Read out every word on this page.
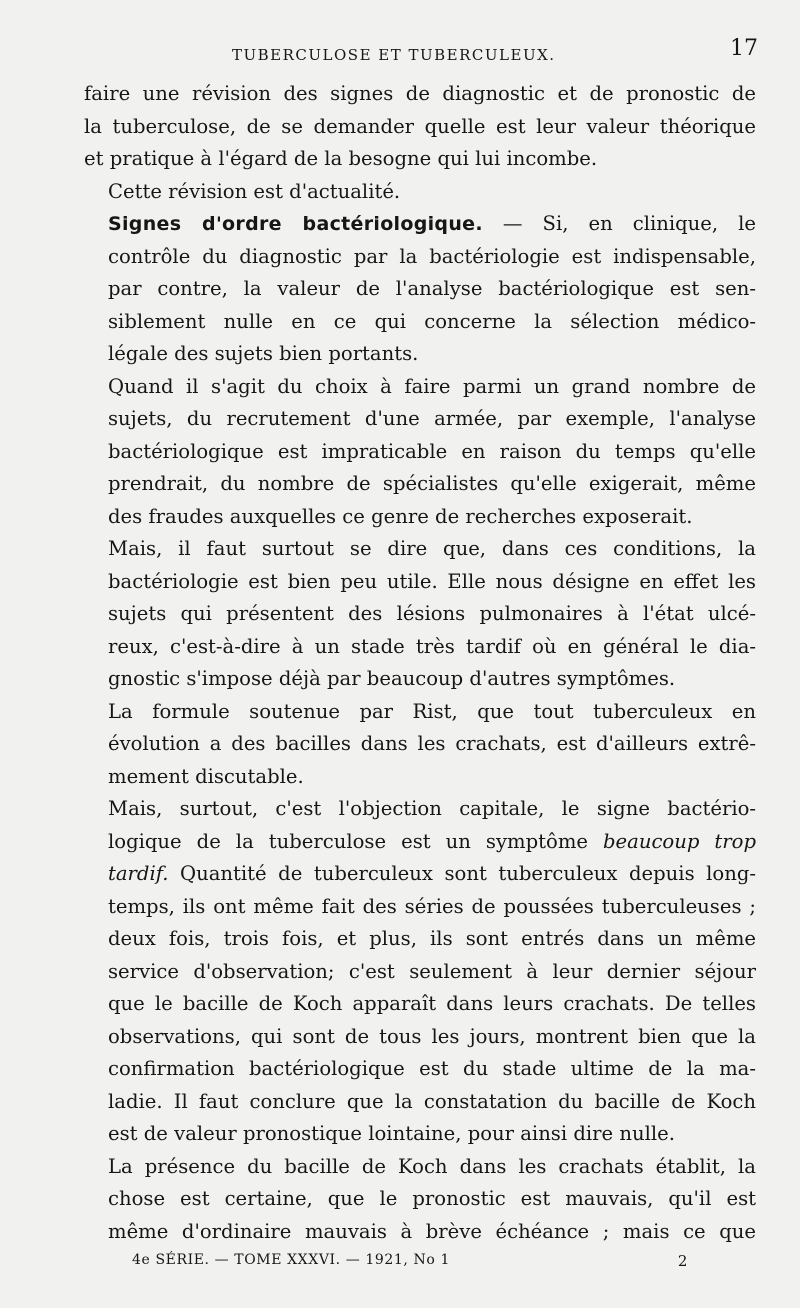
TUBERCULOSE ET TUBERCULEUX.	17

faire une révision des signes de diagnostic et de pronostic de
la tuberculose, de se demander quelle est leur valeur théorique
et pratique à l'égard de la besogne qui lui incombe.

Cette révision est d'actualité.

Signes d'ordre bactériologique. — Si, en clinique, le
contrôle du diagnostic par la bactériologie est indispensable,
par contre, la valeur de l'analyse bactériologique est sen-
siblement nulle en ce qui concerne la sélection médico-
légale des sujets bien portants.

Quand il s'agit du choix à faire parmi un grand nombre de
sujets, du recrutement d'une armée, par exemple, l'analyse
bactériologique est impraticable en raison du temps qu'elle
prendrait, du nombre de spécialistes qu'elle exigerait, même
des fraudes auxquelles ce genre de recherches exposerait.

Mais, il faut surtout se dire que, dans ces conditions, la
bactériologie est bien peu utile. Elle nous désigne en effet les
sujets qui présentent des lésions pulmonaires à l'état ulcé-
reux, c'est-à-dire à un stade très tardif où en général le dia-
gnostic s'impose déjà par beaucoup d'autres symptômes.

La formule soutenue par Rist, que tout tuberculeux en
évolution a des bacilles dans les crachats, est d'ailleurs extrê-
mement discutable.

Mais, surtout, c'est l'objection capitale, le signe bactério-
logique de la tuberculose est un symptôme beaucoup trop
tardif. Quantité de tuberculeux sont tuberculeux depuis long-
temps, ils ont même fait des séries de poussées tuberculeuses ;
deux fois, trois fois, et plus, ils sont entrés dans un même
service d'observation; c'est seulement à leur dernier séjour
que le bacille de Koch apparaît dans leurs crachats. De telles
observations, qui sont de tous les jours, montrent bien que la
confirmation bactériologique est du stade ultime de la ma-
ladie. Il faut conclure que la constatation du bacille de Koch
est de valeur pronostique lointaine, pour ainsi dire nulle.

La présence du bacille de Koch dans les crachats établit, la
chose est certaine, que le pronostic est mauvais, qu'il est
même d'ordinaire mauvais à brève échéance ; mais ce que

4e SÉRIE. — TOME XXXVI. — 1921, No 1	2
